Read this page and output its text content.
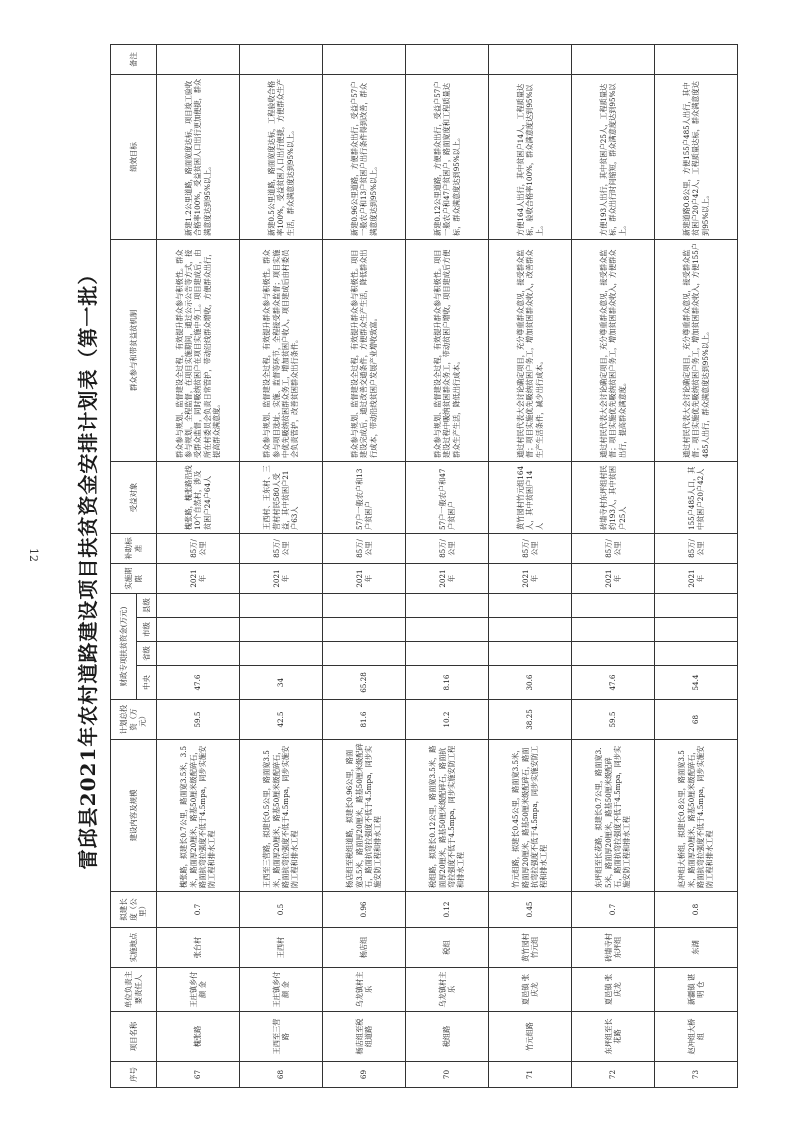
12 雷邱县2021年农村道路建设项目扶贫资金安排计划表（第一批）
序号	项目名称	单位负责主要责任人	实施地点	拟建长度（公里）	建设内容及规模	计划总投资（万元）	财政专项扶贫资金(万元)				实施期限	补助标准	受益对象	群众参与和带贫益贫机制	绩效目标	备注
							中央	省级	市级	县级						
67	槐张路	王庄镇乡付 颜 金	张台村	0.7	槐张路，拟建长0.7公里，路面宽3.5米，3.5米，路面厚20厘米，路基50厘米级配碎石，路面抗弯拉强度不低于4.5mpa，同步实施安防工程和排水工程	59.5	47.6				2021年	85万/公里	槐张路，槐张路沿线10个自然村，涉及贫困户24户64人	群众参与规划、监督建设全过程，有效提升群众参与积极性。群众参与规划，全程监督，在项目实施期间，通过公示公告等方式，接受群众监督，同时吸纳贫困户在项目实施中务工。项目建成后，由所在村委员会负责日常管护，带动沿线群众增收，方便群众出行，提高群众满意度。	新建1.2公里道路，路面宽度达标，项目竣工验收合格率100%，受益贫困人口出行更加便捷，群众满意度达到95%以上。	
68	王西至三营路	王庄镇乡付 颜 金	王西村	0.5	王西至三营路，拟建长0.5公里，路面宽3.5米，路面厚20厘米，路基50厘米级配碎石，路面抗弯拉强度不低于4.5mpa，同步实施安防工程和排水工程	42.5	34				2021年	85万/公里	王西村、王东村、三营村村民580人受益，其中贫困户21户63人	群众参与规划、监督建设全过程，有效提升群众参与积极性。群众参与项目选址、实施、监督等环节，全程接受群众监督；项目实施中优先吸纳贫困群众务工，增加贫困户收入，项目建成后由村委员会负责管护，改善贫困群众出行条件。	新建0.5公里道路，路面宽度达标，工程验收合格率100%，受益贫困人口出行便捷，方便群众生产生活，群众满意度达到95%以上。	
69	杨店组至税组道路	乌龙镇村主乐	杨店组	0.96	杨店组至税组道路，拟建长0.96公里，路面宽3.5米，路面厚20厘米，路基50厘米级配碎石，路面抗弯拉强度不低于4.5mpa，同步实施安防工程和排水工程	81.6	65.28				2021年	85万/公里	57户一般农户和13户贫困户	群众参与规划、监督建设全过程，有效提升群众参与积极性。项目建设完成后，通过改善交通条件，方便群众生产生活，降低群众出行成本，带动沿线贫困户发展产业增收致富。	新建0.96公里道路，方便群众出行，受益户57户一般农户和13户贫困户出行条件得到改善，群众满意度达到95%以上。	
70	税组路	乌龙镇村主乐	税组	0.12	税组路，拟建长0.12公里，路面宽3.5米，路面厚20厘米，路基50厘米级配碎石，路面抗弯拉强度不低于4.5mpa，同步实施安防工程和排水工程	10.2	8.16				2021年	85万/公里	57户一般农户和47户贫困户	群众参与规划、监督建设全过程，有效提升群众参与积极性。项目建设过程中吸纳贫困群众务工，带动贫困户增收，项目建成后方便群众生产生活，降低出行成本。	新建0.12公里道路，方便群众出行，受益户57户一般农户和47户贫困户，路面宽度和工程质量达标，群众满意度达到95%以上。	
71	竹元组路	夏邑镇 张庆龙	黄竹园村竹元组	0.45	竹元组路，拟建长0.45公里，路面宽3.5米，路面厚20厘米，路基50厘米级配碎石，路面抗弯拉强度不低于4.5mpa，同步实施安防工程和排水工程	38.25	30.6				2021年	85万/公里	黄竹园村竹元组164人，其中贫困户14人	通过村民代表大会讨论确定项目，充分尊重群众意见，接受群众监督；项目实施优先吸纳贫困户务工，增加贫困群众收入，改善群众生产生活条件，减少出行成本。	方便164人出行，其中贫困户14人，工程质量达标，验收合格率100%，群众满意度达到95%以上。	
72	东坪组至长花路	夏邑镇 张庆龙	砖墙寺村东坪组	0.7	东坪组至长花路，拟建长0.7公里，路面宽3.5米，路面厚20厘米，路基50厘米级配碎石，路面抗弯拉强度不低于4.5mpa，同步实施安防工程和排水工程	59.5	47.6				2021年	85万/公里	砖墙寺村东坪组村民约193人，其中贫困户25人	通过村民代表大会讨论确定项目，充分尊重群众意见，接受群众监督；项目实施优先吸纳贫困户务工，增加贫困群众收入，方便群众出行，提高群众满意度。	方便193人出行，其中贫困户25人，工程质量达标，群众出行时间缩短，群众满意度达到95%以上。	
73	赵冲组大桥组	新疆镇 谌明 仓	东湖	0.8	赵冲组大桥组，拟建长0.8公里，路面宽3.5米，路面厚20厘米，路基50厘米级配碎石，路面抗弯拉强度不低于4.5mpa，同步实施安防工程和排水工程	68	54.4				2021年	85万/公里	155户485人口，其中贫困户20户42人	通过村民代表大会讨论确定项目，充分尊重群众意见，接受群众监督；项目实施优先吸纳贫困户务工，增加贫困群众收入，方便155户485人出行，群众满意度达到95%以上。	新建道路0.8公里，方便155户485人出行，其中贫困户20户42人，工程质量达标，群众满意度达到95%以上。	
